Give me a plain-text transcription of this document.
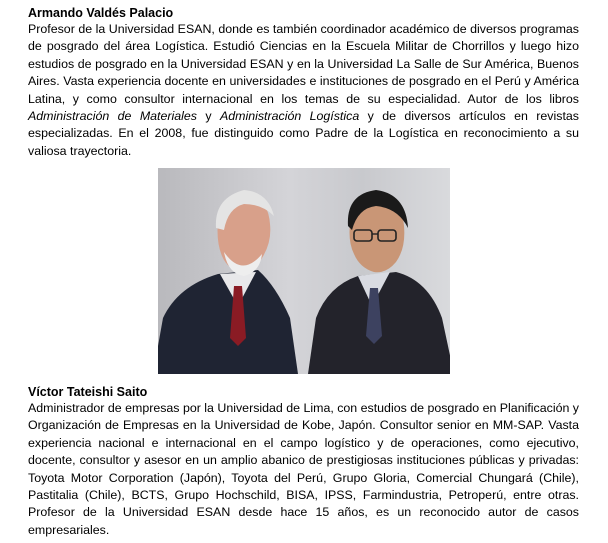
Armando Valdés Palacio

Profesor de la Universidad ESAN, donde es también coordinador académico de diversos programas de posgrado del área Logística. Estudió Ciencias en la Escuela Militar de Chorrillos y luego hizo estudios de posgrado en la Universidad ESAN y en la Universidad La Salle de Sur América, Buenos Aires. Vasta experiencia docente en universidades e instituciones de posgrado en el Perú y América Latina, y como consultor internacional en los temas de su especialidad. Autor de los libros Administración de Materiales y Administración Logística y de diversos artículos en revistas especializadas. En el 2008, fue distinguido como Padre de la Logística en reconocimiento a su valiosa trayectoria.

Víctor Tateishi Saito

Administrador de empresas por la Universidad de Lima, con estudios de posgrado en Planificación y Organización de Empresas en la Universidad de Kobe, Japón. Consultor senior en MM-SAP. Vasta experiencia nacional e internacional en el campo logístico y de operaciones, como ejecutivo, docente, consultor y asesor en un amplio abanico de prestigiosas instituciones públicas y privadas: Toyota Motor Corporation (Japón), Toyota del Perú, Grupo Gloria, Comercial Chungará (Chile), Pastitalia (Chile), BCTS, Grupo Hochschild, BISA, IPSS, Farmindustria, Petroperú, entre otras. Profesor de la Universidad ESAN desde hace 15 años, es un reconocido autor de casos empresariales.
